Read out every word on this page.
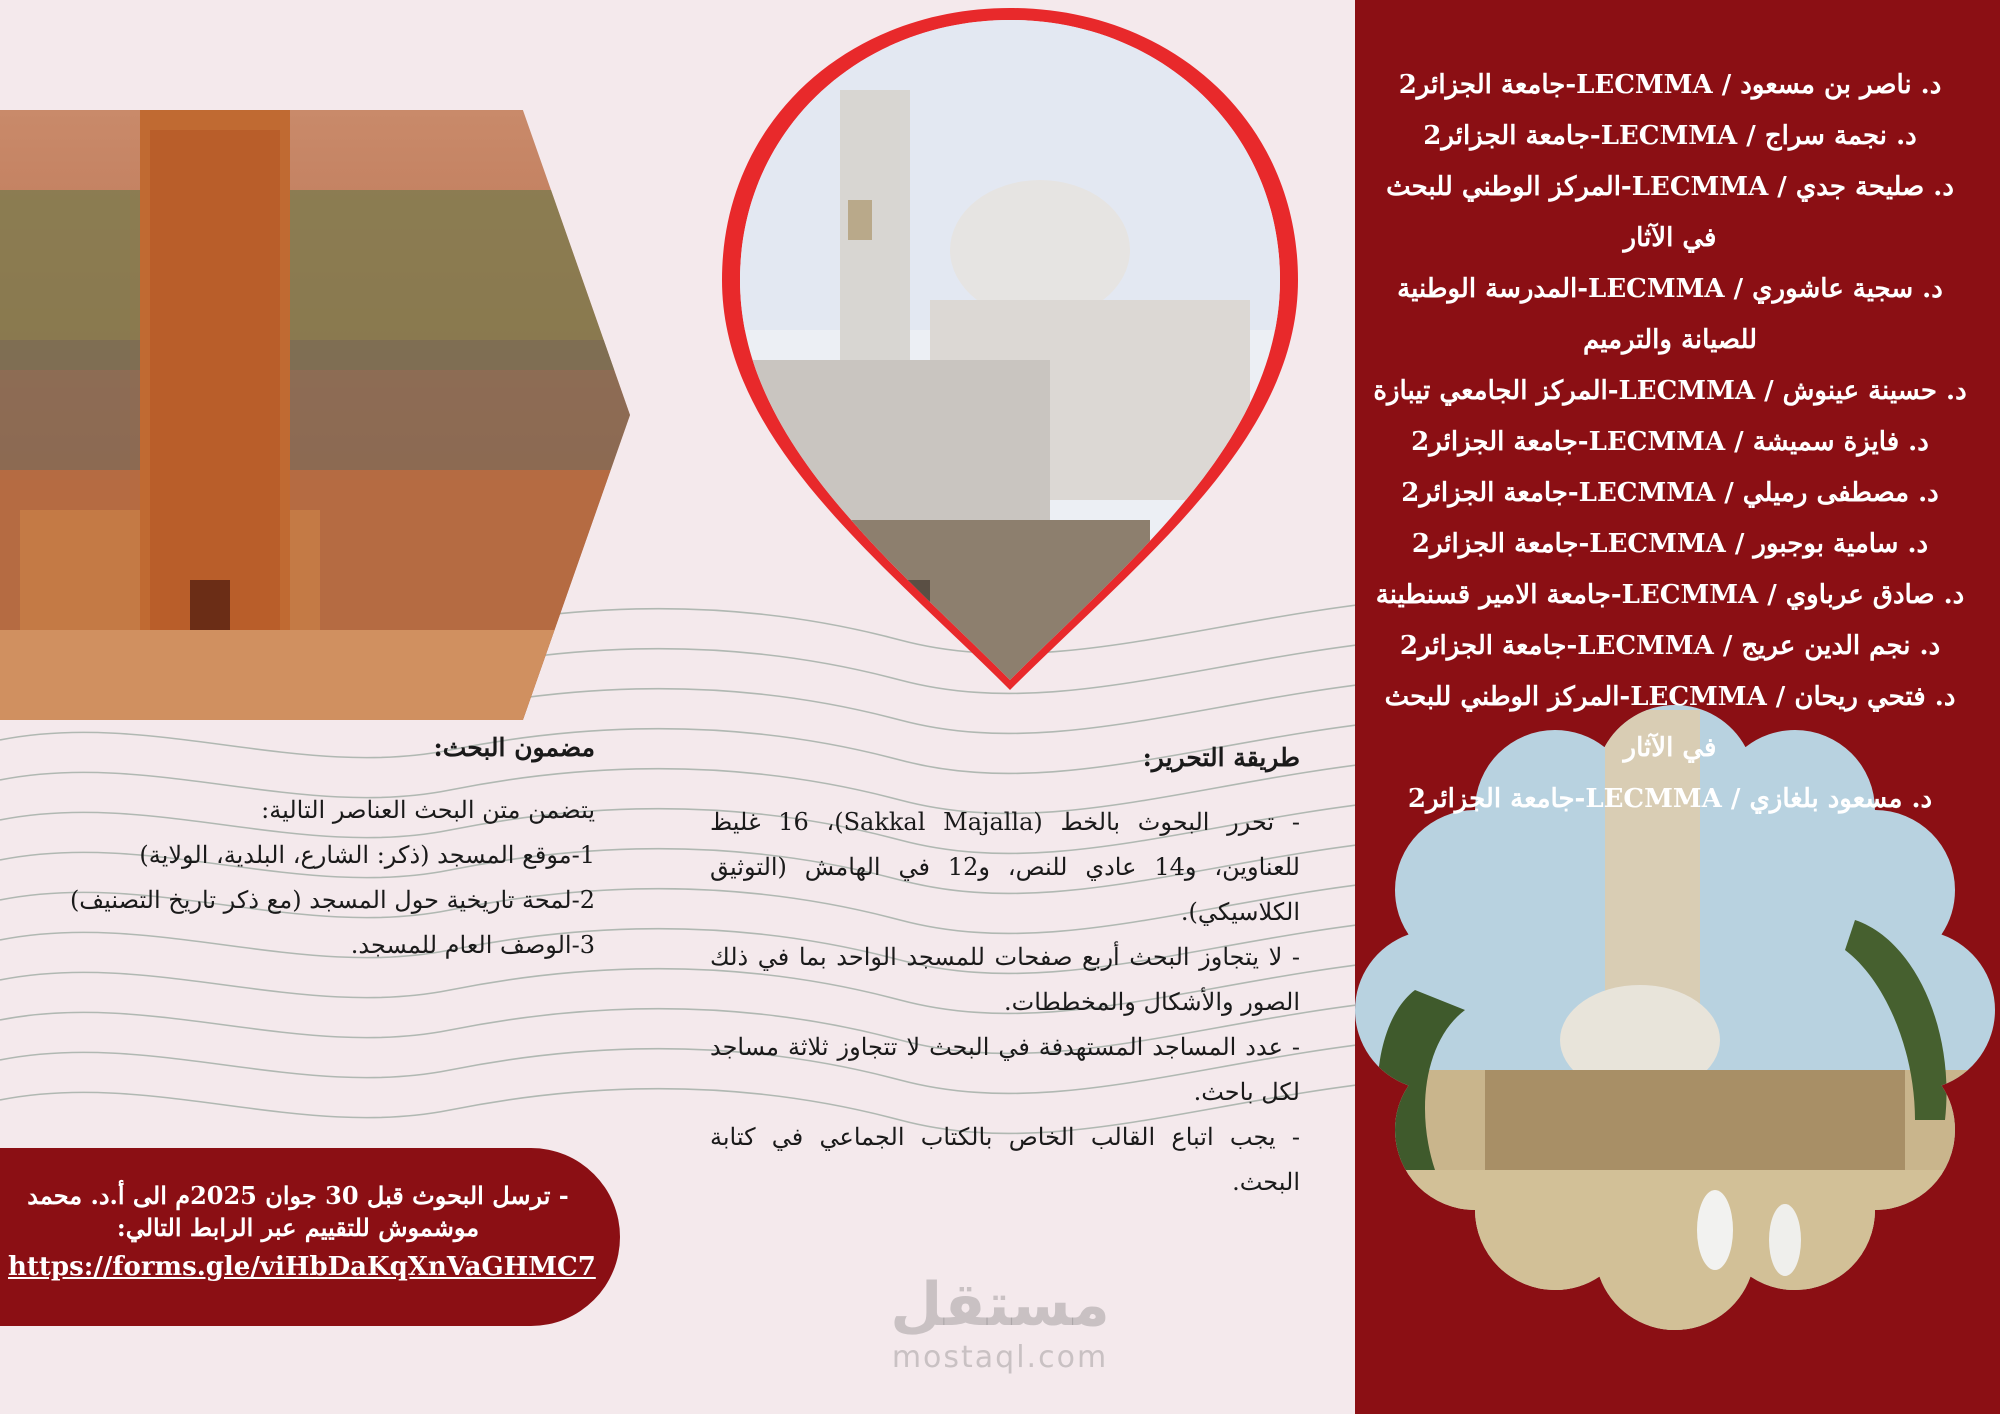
د. ناصر بن مسعود / LECMMA-جامعة الجزائر2
د. نجمة سراج / LECMMA-جامعة الجزائر2
د. صليحة جدي / LECMMA-المركز الوطني للبحث في الآثار
د. سجية عاشوري / LECMMA-المدرسة الوطنية للصيانة والترميم
د. حسينة عينوش / LECMMA-المركز الجامعي تيبازة
د. فايزة سميشة / LECMMA-جامعة الجزائر2
د. مصطفى رميلي / LECMMA-جامعة الجزائر2
د. سامية بوجبور / LECMMA-جامعة الجزائر2
د. صادق عرباوي / LECMMA-جامعة الامير قسنطينة
د. نجم الدين عريج / LECMMA-جامعة الجزائر2
د. فتحي ريحان / LECMMA-المركز الوطني للبحث في الآثار
د. مسعود بلغازي / LECMMA-جامعة الجزائر2
مضمون البحث:

يتضمن متن البحث العناصر التالية:

1-موقع المسجد (ذكر: الشارع، البلدية، الولاية)

2-لمحة تاريخية حول المسجد (مع ذكر تاريخ التصنيف)

3-الوصف العام للمسجد.

طريقة التحرير:

- تحرر البحوث بالخط (Sakkal Majalla)، 16 غليظ للعناوين، و14 عادي للنص، و12 في الهامش (التوثيق الكلاسيكي).

- لا يتجاوز البحث أربع صفحات للمسجد الواحد بما في ذلك الصور والأشكال والمخططات.

- عدد المساجد المستهدفة في البحث لا تتجاوز ثلاثة مساجد لكل باحث.

- يجب اتباع القالب الخاص بالكتاب الجماعي في كتابة البحث.

- ترسل البحوث قبل 30 جوان 2025م الى أ.د. محمد موشموش للتقييم عبر الرابط التالي:
https://forms.gle/viHbDaKqXnVaGHMC7
مستقل
mostaql.com
